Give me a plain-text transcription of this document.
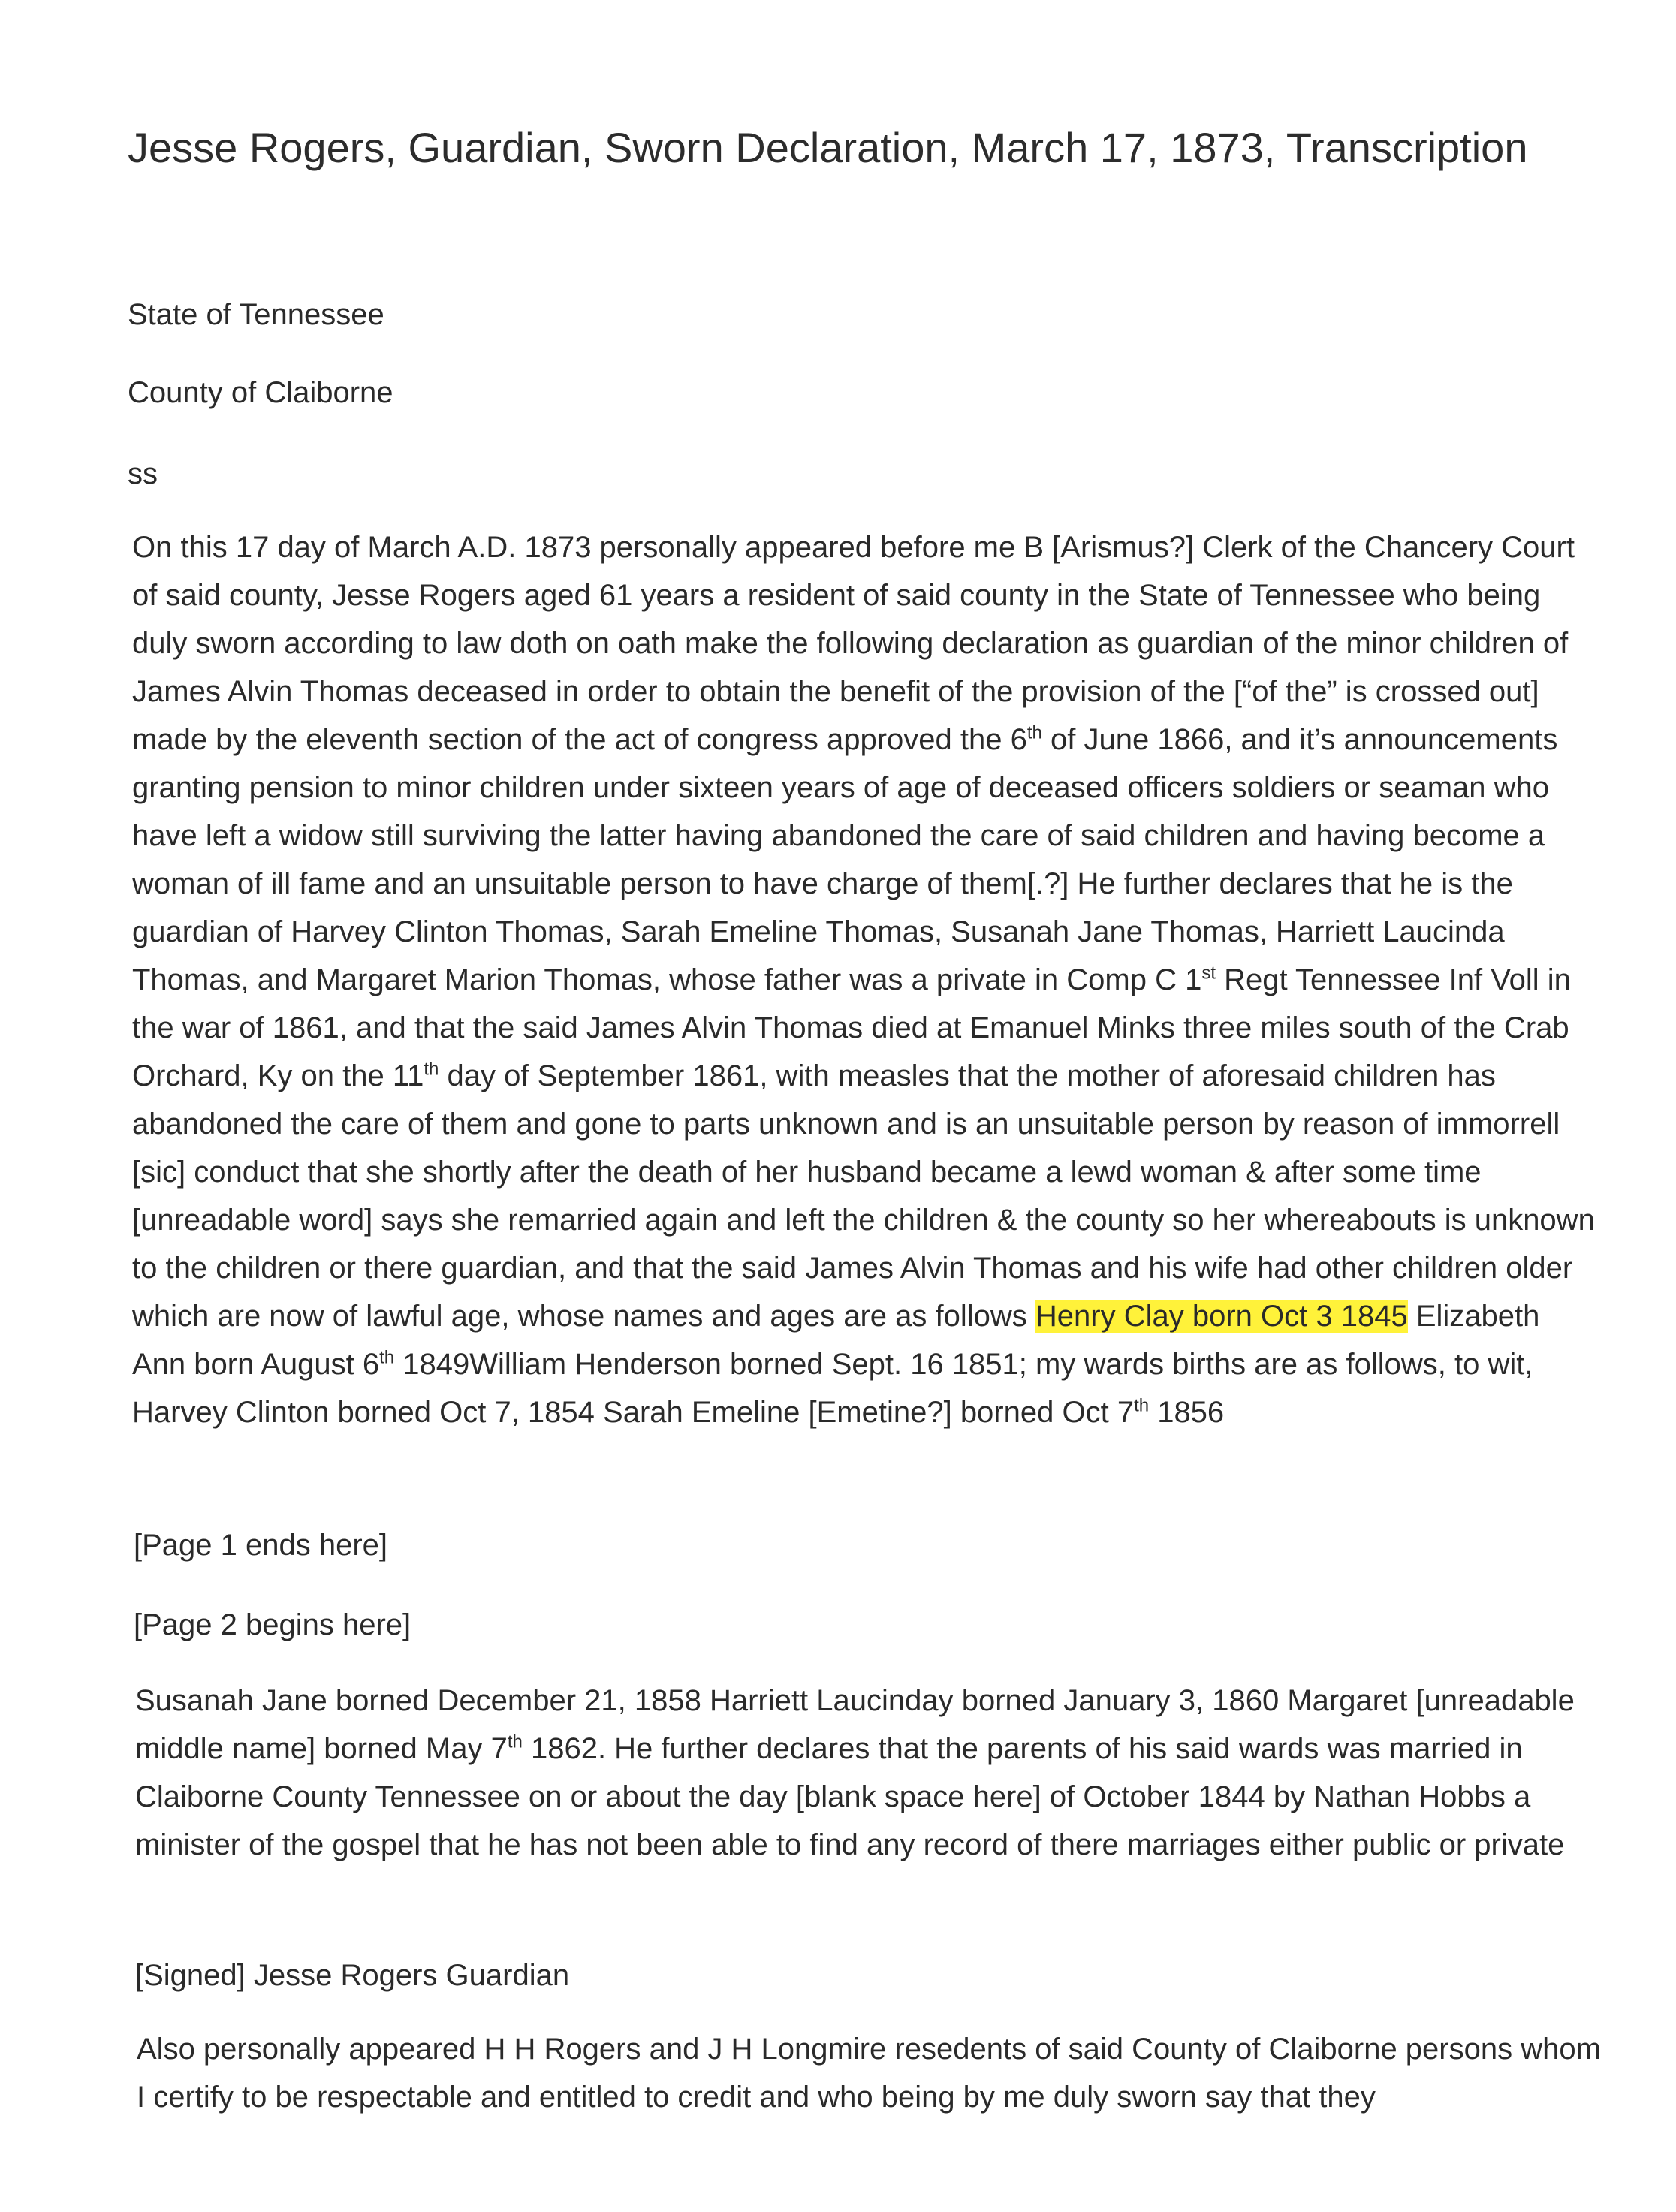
Jesse Rogers, Guardian, Sworn Declaration, March 17, 1873, Transcription

State of Tennessee

County of Claiborne

ss

On this 17 day of March A.D. 1873 personally appeared before me B [Arismus?] Clerk of the Chancery Court of said county, Jesse Rogers aged 61 years a resident of said county in the State of Tennessee who being duly sworn according to law doth on oath make the following declaration as guardian of the minor children of James Alvin Thomas deceased in order to obtain the benefit of the provision of the [“of the” is crossed out] made by the eleventh section of the act of congress approved the 6th of June 1866, and it’s announcements granting pension to minor children under sixteen years of age of deceased officers soldiers or seaman who have left a widow still surviving the latter having abandoned the care of said children and having become a woman of ill fame and an unsuitable person to have charge of them[.?] He further declares that he is the guardian of Harvey Clinton Thomas, Sarah Emeline Thomas, Susanah Jane Thomas, Harriett Laucinda Thomas, and Margaret Marion Thomas, whose father was a private in Comp C 1st Regt Tennessee Inf Voll in the war of 1861, and that the said James Alvin Thomas died at Emanuel Minks three miles south of the Crab Orchard, Ky on the 11th day of September 1861, with measles that the mother of aforesaid children has abandoned the care of them and gone to parts unknown and is an unsuitable person by reason of immorrell [sic] conduct that she shortly after the death of her husband became a lewd woman & after some time [unreadable word] says she remarried again and left the children & the county so her whereabouts is unknown to the children or there guardian, and that the said James Alvin Thomas and his wife had other children older which are now of lawful age, whose names and ages are as follows Henry Clay born Oct 3 1845 Elizabeth Ann born August 6th 1849William Henderson borned Sept. 16 1851; my wards births are as follows, to wit, Harvey Clinton borned Oct 7, 1854 Sarah Emeline [Emetine?] borned Oct 7th 1856

[Page 1 ends here]

[Page 2 begins here]

Susanah Jane borned December 21, 1858 Harriett Laucinday borned January 3, 1860 Margaret [unreadable middle name] borned May 7th 1862. He further declares that the parents of his said wards was married in Claiborne County Tennessee on or about the day [blank space here] of October 1844 by Nathan Hobbs a minister of the gospel that he has not been able to find any record of there marriages either public or private

[Signed] Jesse Rogers Guardian

Also personally appeared H H Rogers and J H Longmire resedents of said County of Claiborne persons whom I certify to be respectable and entitled to credit and who being by me duly sworn say that they
